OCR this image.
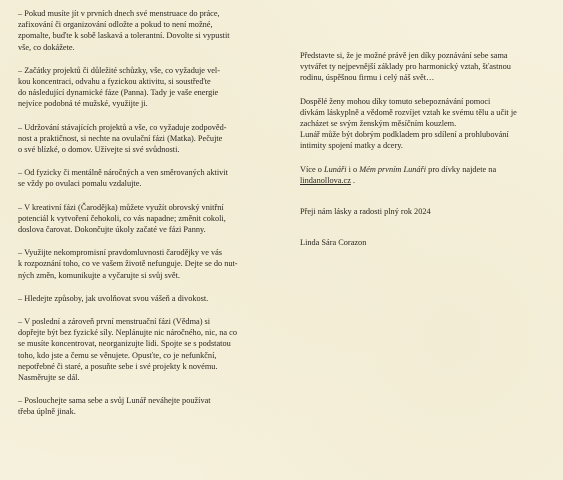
– Pokud musíte jít v prvních dnech své menstruace do práce,
zafixování či organizování odložte a pokud to není možné,
zpomalte, buďte k sobě laskavá a tolerantní. Dovolte si vypustit
vše, co dokážete.

– Začátky projektů či důležité schůzky, vše, co vyžaduje vel-
kou koncentraci, odvahu a fyzickou aktivitu, si soustřeďte
do následující dynamické fáze (Panna). Tady je vaše energie
nejvíce podobná té mužské, využijte ji.

– Udržování stávajících projektů a vše, co vyžaduje zodpověd-
nost a praktičnost, si nechte na ovulační fázi (Matka). Pečujte
o své blízké, o domov. Užívejte si své svůdnosti.

– Od fyzicky či mentálně náročných a ven směrovaných aktivit
se vždy po ovulaci pomalu vzdalujte.

– V kreativní fázi (Čarodějka) můžete využít obrovský vnitřní
potenciál k vytvoření čehokoli, co vás napadne; změnit cokoli,
doslova čarovat. Dokončujte úkoly začaté ve fázi Panny.

– Využijte nekompromisní pravdomluvnosti čarodějky ve vás
k rozpoznání toho, co ve vašem životě nefunguje. Dejte se do nut-
ných změn, komunikujte a vyčarujte si svůj svět.

– Hledejte způsoby, jak uvolňovat svou vášeň a divokost.

– V poslední a zároveň první menstruační fázi (Vědma) si
dopřejte být bez fyzické síly. Neplánujte nic náročného, nic, na co
se musíte koncentrovat, neorganizujte lidi. Spojte se s podstatou
toho, kdo jste a čemu se věnujete. Opusťte, co je nefunkční,
nepotřebné či staré, a posuňte sebe i své projekty k novému.
Nasměrujte se dál.

– Poslouchejte sama sebe a svůj Lunář neváhejte používat
třeba úplně jinak.

Představte si, že je možné právě jen díky poznávání sebe sama
vytvářet ty nejpevnější základy pro harmonický vztah, šťastnou
rodinu, úspěšnou firmu i celý náš svět…

Dospělé ženy mohou díky tomuto sebepoznávání pomoci
dívkám láskyplně a vědomě rozvíjet vztah ke svému tělu a učit je
zacházet se svým ženským měsíčním kouzlem.
Lunář může být dobrým podkladem pro sdílení a prohlubování
intimity spojení matky a dcery.

Více o Lunáři i o Mém prvním Lunáři pro dívky najdete na
lindanollova.cz .

Přeji nám lásky a radosti plný rok 2024

Linda Sára Corazon
